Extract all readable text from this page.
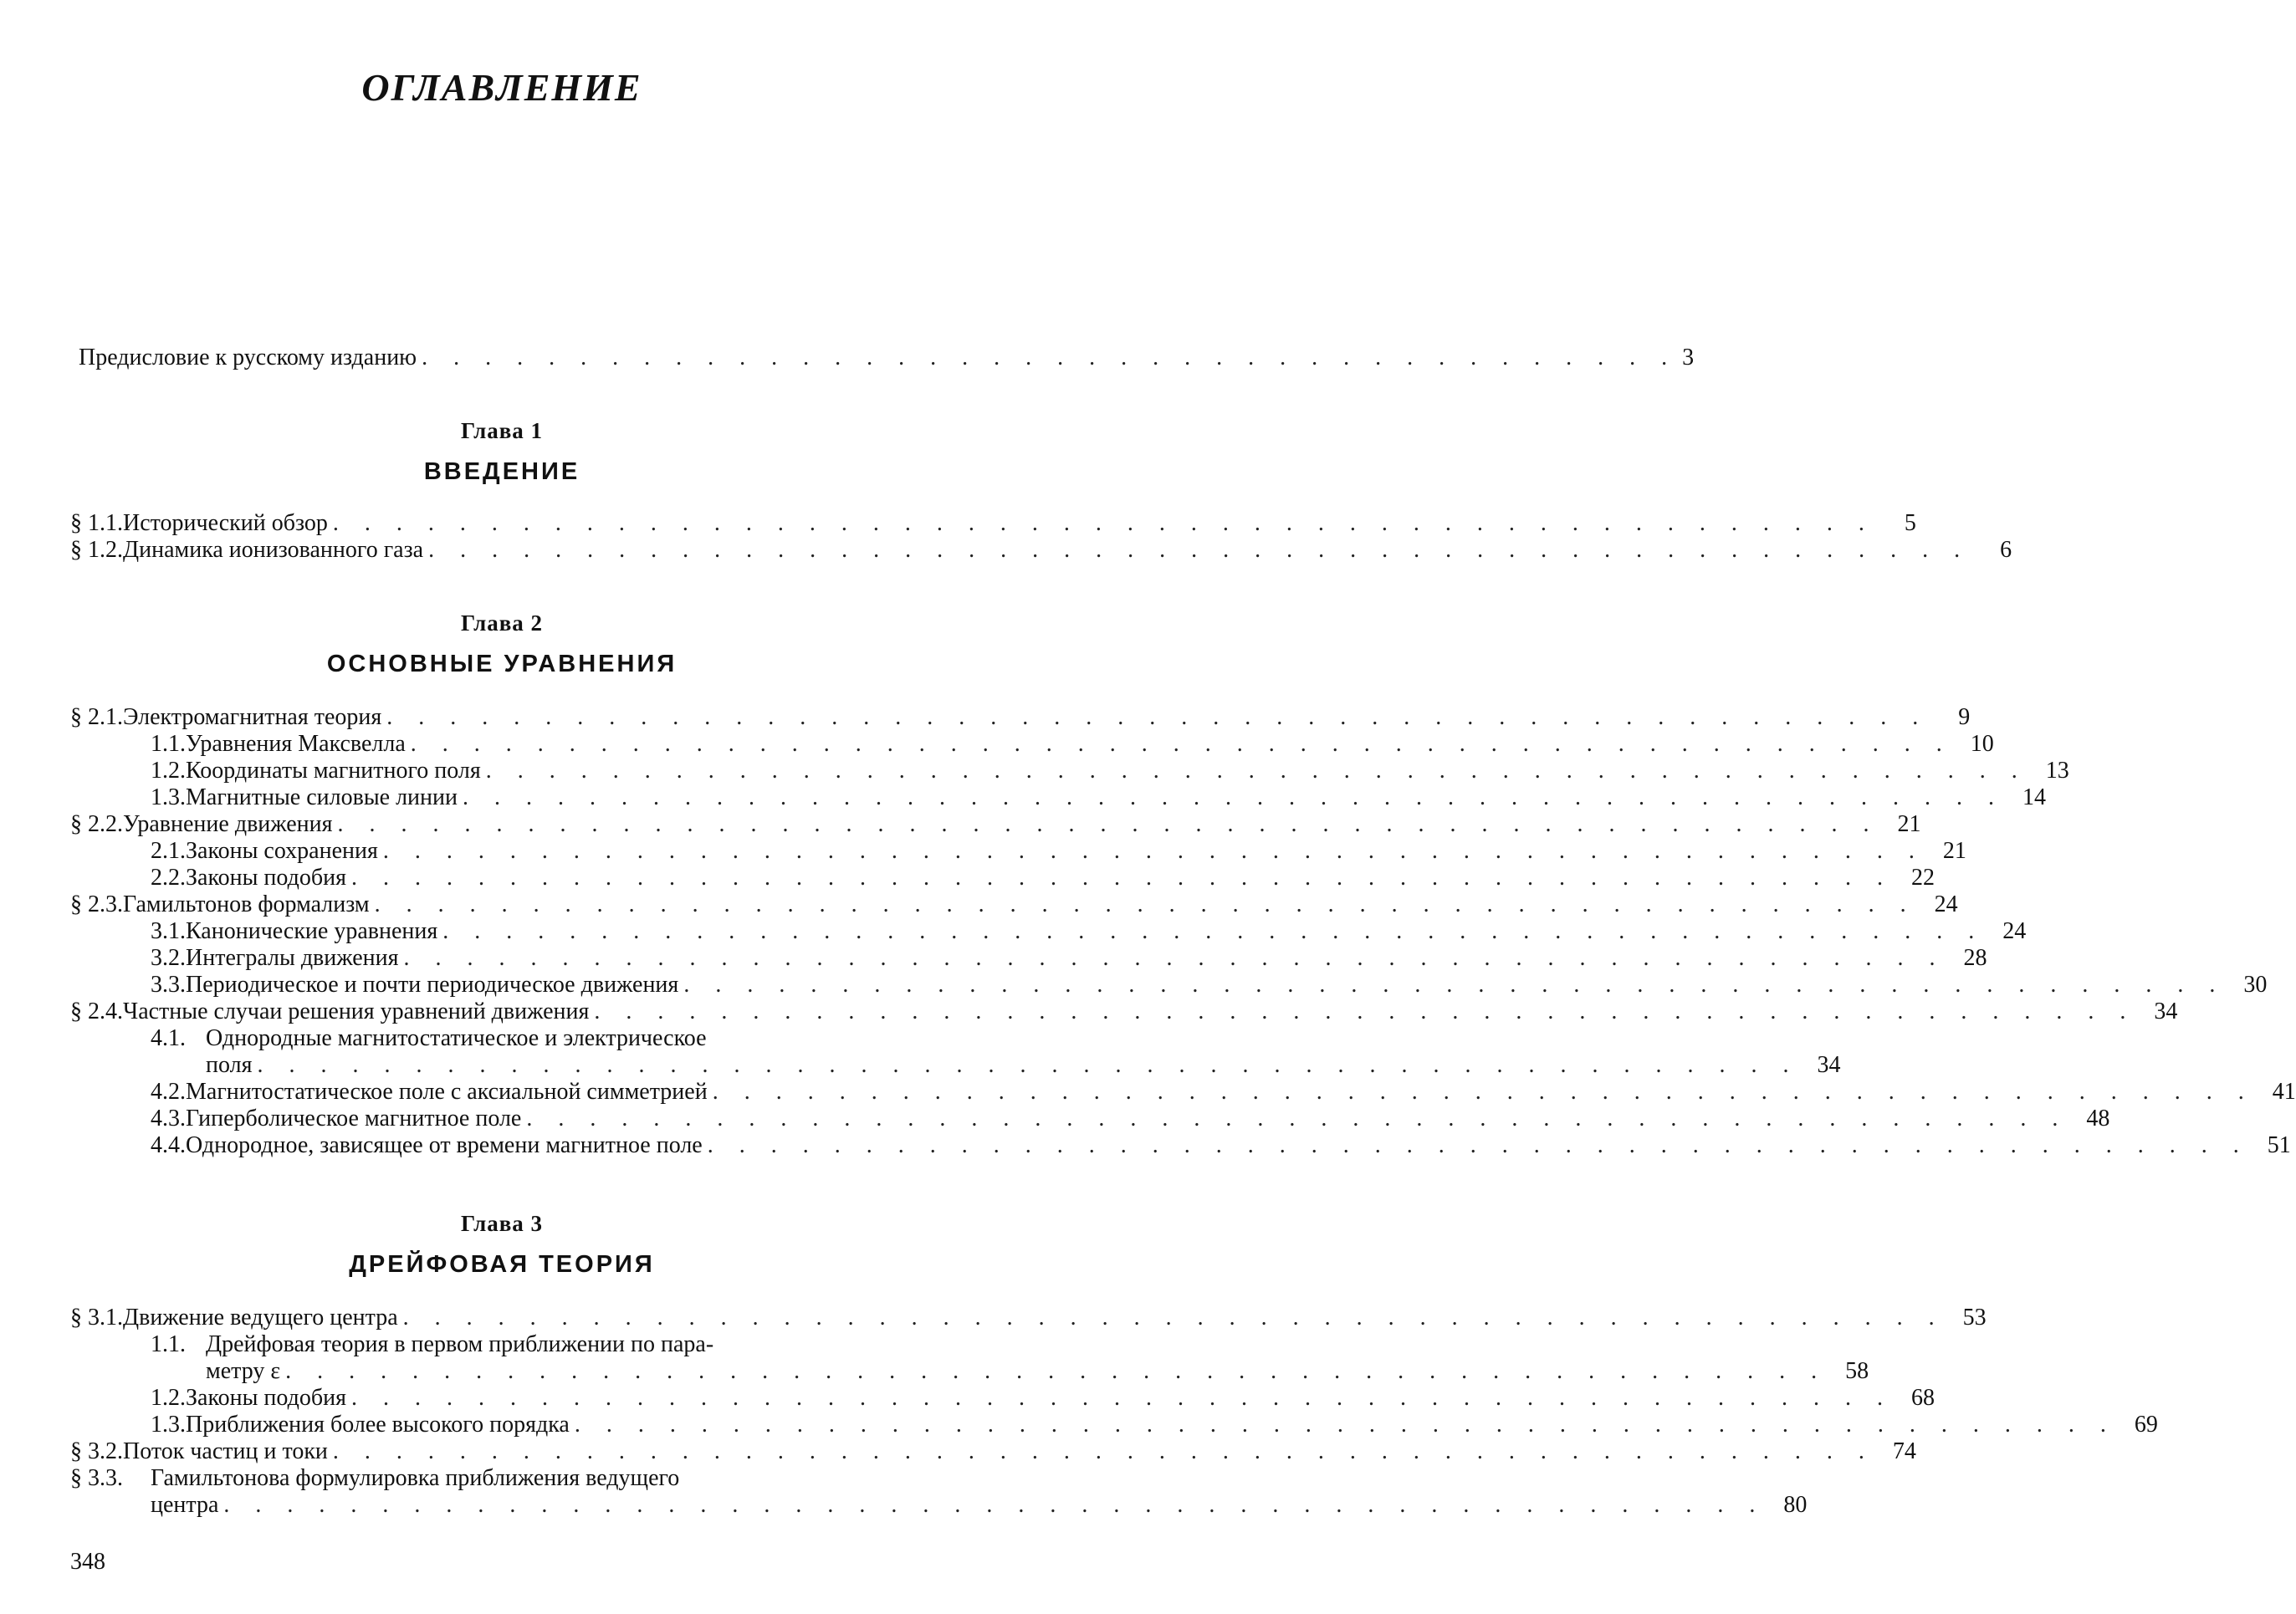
ОГЛАВЛЕНИЕ
Предисловие к русскому изданию . . . . . . . . . . . . . . . . . . . . . . . . . . . . . . . . . . . . . . . . 3
Глава 1
ВВЕДЕНИЕ
§ 1.1. Исторический обзор . . . . . . . . . . . . . . . . . . . . . . . . . . . . . . . . . . . . . . . . . . . . . . . . .	5
§ 1.2. Динамика ионизованного газа . . . . . . . . . . . . . . . . . . . . . . . . . . . . . . . . . . . . . . . . . . . . . . . . .	6
Глава 2
ОСНОВНЫЕ УРАВНЕНИЯ
§ 2.1. Электромагнитная теория . . . . . . . . . . . . . . . . . . . . . . . . . . . . . . . . . . . . . . . . . . . . . . . . .	9
1.1. Уравнения Максвелла . . . . . . . . . . . . . . . . . . . . . . . . . . . . . . . . . . . . . . . . . . . . . . . . . 10
1.2. Координаты магнитного поля . . . . . . . . . . . . . . . . . . . . . . . . . . . . . . . . . . . . . . . . . . . . . . . . . 13
1.3. Магнитные силовые линии . . . . . . . . . . . . . . . . . . . . . . . . . . . . . . . . . . . . . . . . . . . . . . . . . 14
§ 2.2. Уравнение движения . . . . . . . . . . . . . . . . . . . . . . . . . . . . . . . . . . . . . . . . . . . . . . . . . 21
2.1. Законы сохранения . . . . . . . . . . . . . . . . . . . . . . . . . . . . . . . . . . . . . . . . . . . . . . . . . 21
2.2. Законы подобия . . . . . . . . . . . . . . . . . . . . . . . . . . . . . . . . . . . . . . . . . . . . . . . . . 22
§ 2.3. Гамильтонов формализм . . . . . . . . . . . . . . . . . . . . . . . . . . . . . . . . . . . . . . . . . . . . . . . . . 24
3.1. Канонические уравнения . . . . . . . . . . . . . . . . . . . . . . . . . . . . . . . . . . . . . . . . . . . . . . . . . 24
3.2. Интегралы движения . . . . . . . . . . . . . . . . . . . . . . . . . . . . . . . . . . . . . . . . . . . . . . . . . 28
3.3. Периодическое и почти периодическое движения . . . . . . . . . . . . . . . . . . . . . . . . . . . . . . . . . . . . . . . . . . . . . . . . . 30
§ 2.4. Частные случаи решения уравнений движения . . . . . . . . . . . . . . . . . . . . . . . . . . . . . . . . . . . . . . . . . . . . . . . . . 34
4.1. Однородные магнитостатическое и электрическое
поля . . . . . . . . . . . . . . . . . . . . . . . . . . . . . . . . . . . . . . . . . . . . . . . . . 34
4.2. Магнитостатическое поле с аксиальной симметрией . . . . . . . . . . . . . . . . . . . . . . . . . . . . . . . . . . . . . . . . . . . . . . . . . 41
4.3. Гиперболическое магнитное поле . . . . . . . . . . . . . . . . . . . . . . . . . . . . . . . . . . . . . . . . . . . . . . . . . 48
4.4. Однородное, зависящее от времени магнитное поле . . . . . . . . . . . . . . . . . . . . . . . . . . . . . . . . . . . . . . . . . . . . . . . . . 51
Глава 3
ДРЕЙФОВАЯ ТЕОРИЯ
§ 3.1. Движение ведущего центра . . . . . . . . . . . . . . . . . . . . . . . . . . . . . . . . . . . . . . . . . . . . . . . . . 53
1.1. Дрейфовая теория в первом приближении по пара-
метру ε . . . . . . . . . . . . . . . . . . . . . . . . . . . . . . . . . . . . . . . . . . . . . . . . . 58
1.2. Законы подобия . . . . . . . . . . . . . . . . . . . . . . . . . . . . . . . . . . . . . . . . . . . . . . . . . 68
1.3. Приближения более высокого порядка . . . . . . . . . . . . . . . . . . . . . . . . . . . . . . . . . . . . . . . . . . . . . . . . . 69
§ 3.2. Поток частиц и токи . . . . . . . . . . . . . . . . . . . . . . . . . . . . . . . . . . . . . . . . . . . . . . . . . 74
§ 3.3.	Гамильтонова формулировка приближения ведущего
центра . . . . . . . . . . . . . . . . . . . . . . . . . . . . . . . . . . . . . . . . . . . . . . . . . 80
348
